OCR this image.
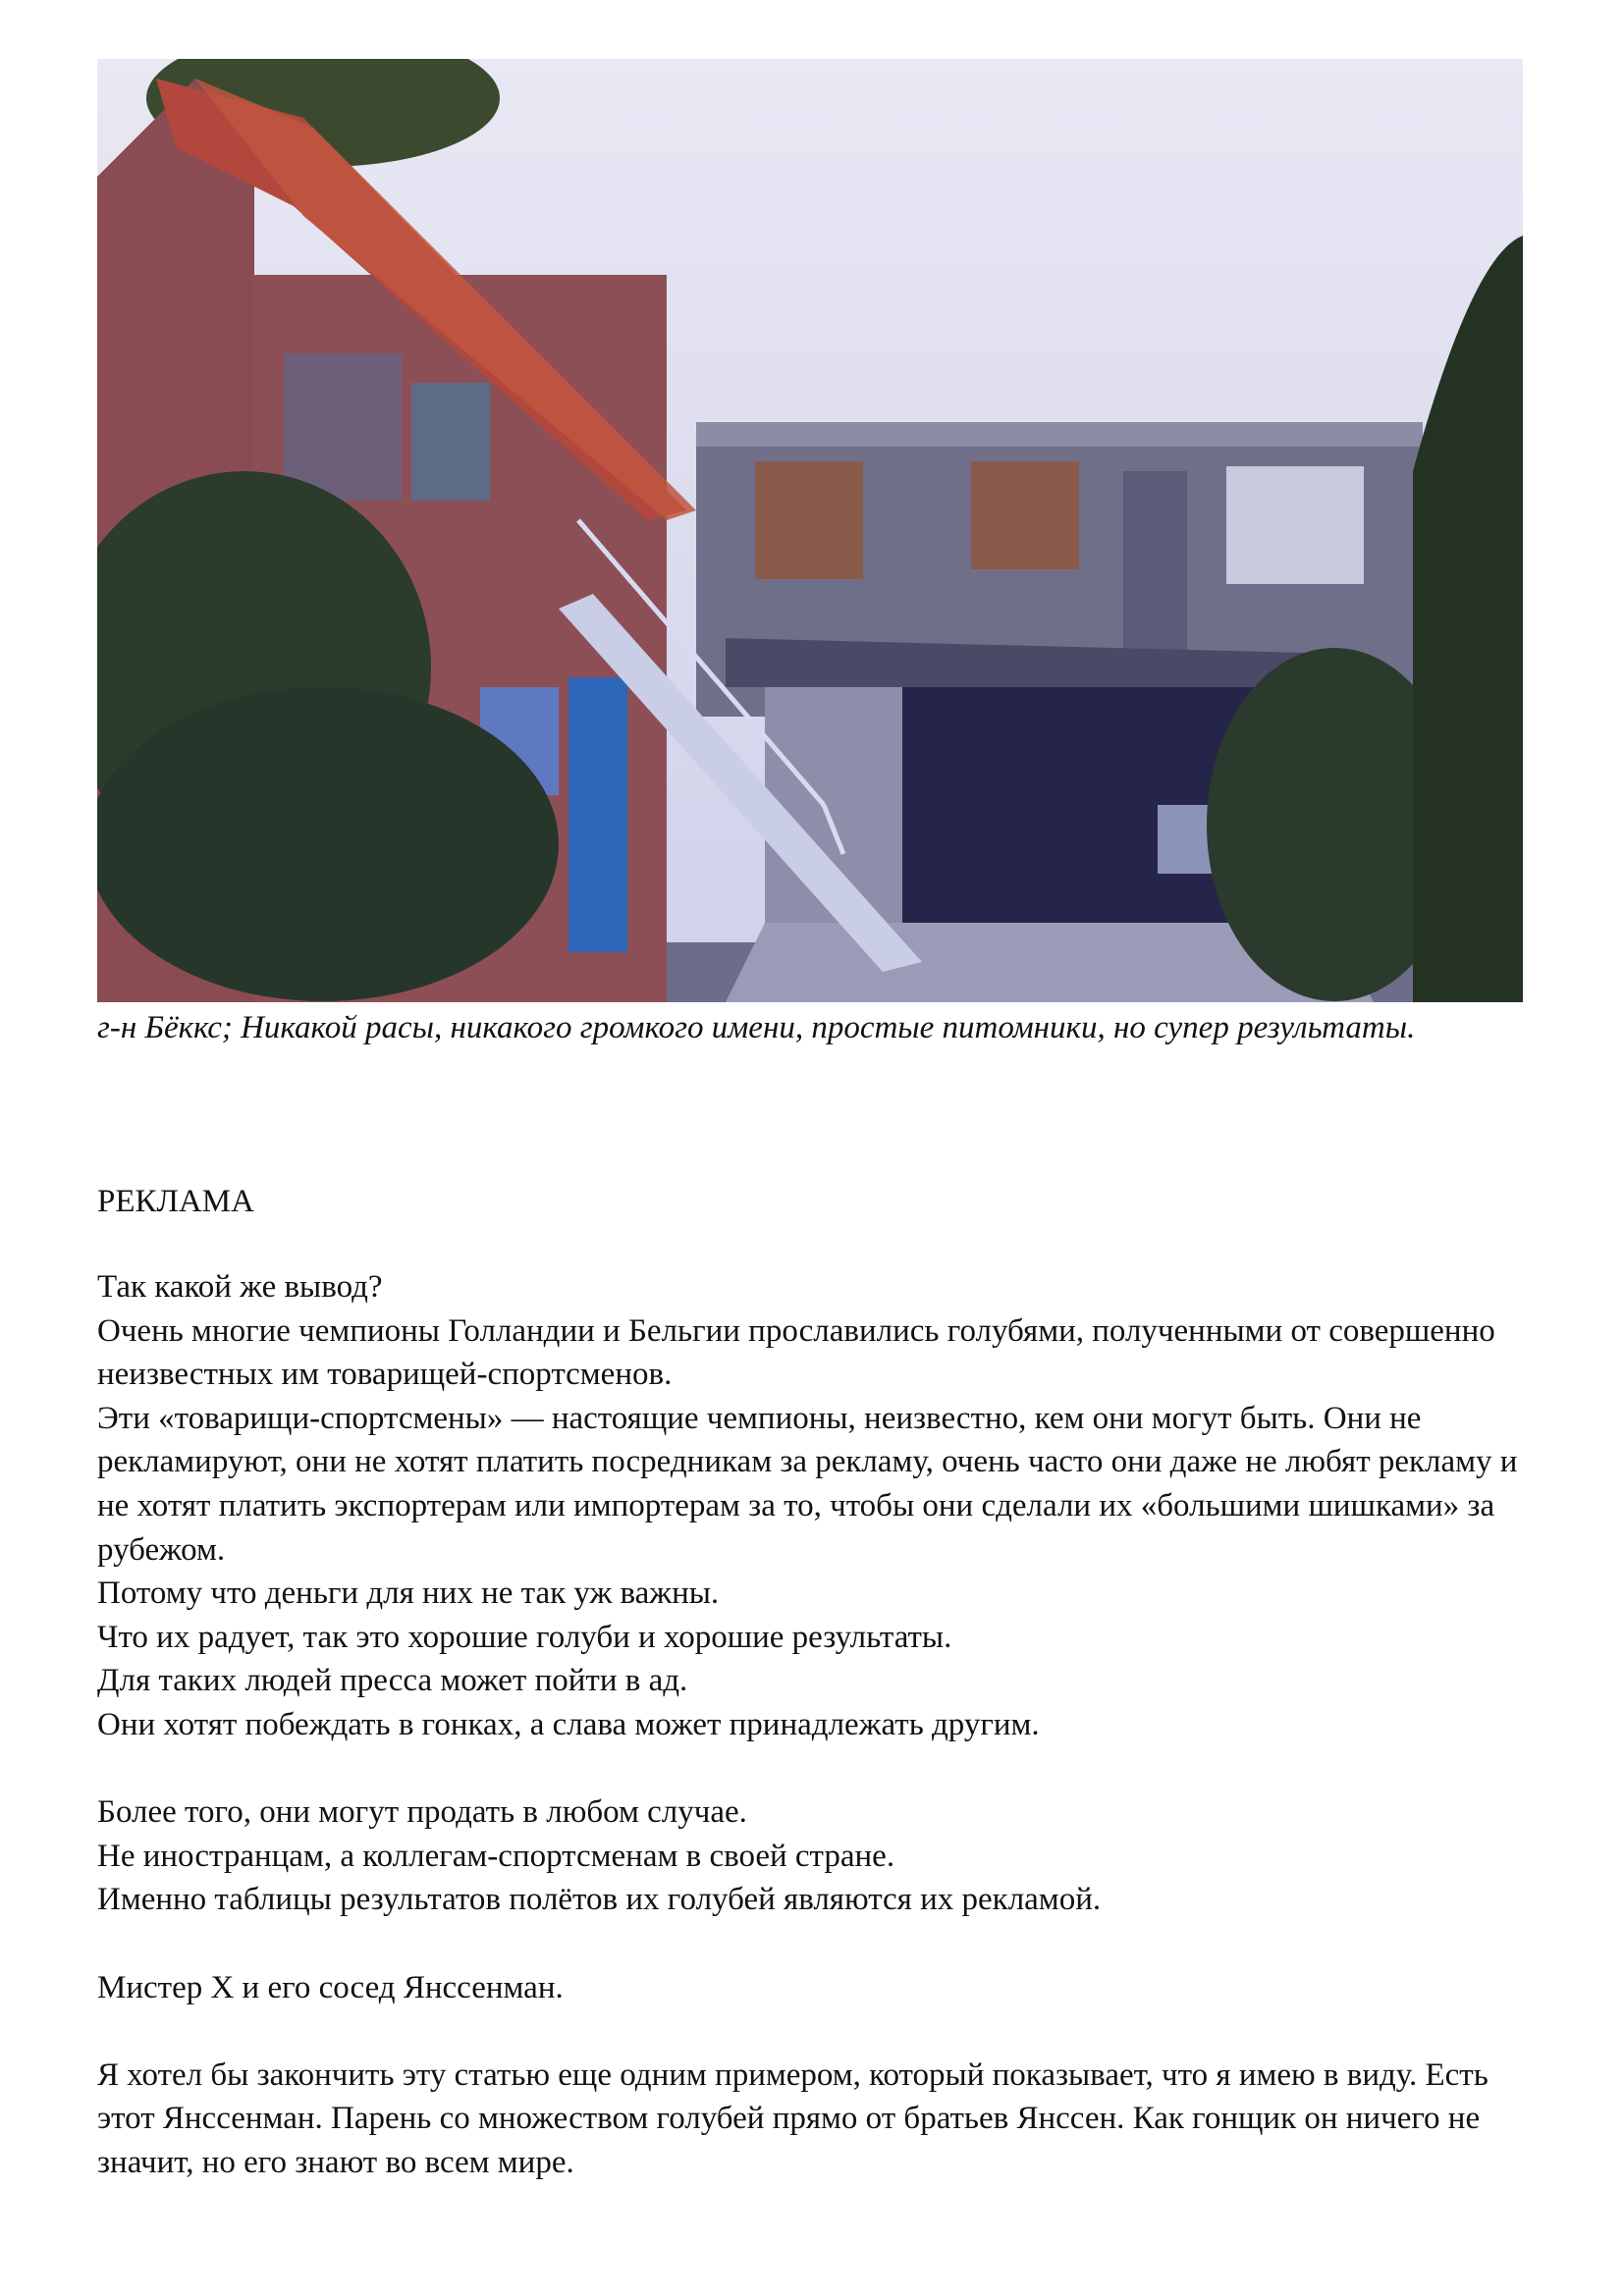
г-н Бёккс; Никакой расы, никакого громкого имени, простые питомники, но супер результаты.

РЕКЛАМА

Так какой же вывод?

Очень многие чемпионы Голландии и Бельгии прославились голубями, полученными от совершенно неизвестных им товарищей-спортсменов.

Эти «товарищи-спортсмены» — настоящие чемпионы, неизвестно, кем они могут быть. Они не рекламируют, они не хотят платить посредникам за рекламу, очень часто они даже не любят рекламу и не хотят платить экспортерам или импортерам за то, чтобы они сделали их «большими шишками» за рубежом.

Потому что деньги для них не так уж важны.

Что их радует, так это хорошие голуби и хорошие результаты.

Для таких людей пресса может пойти в ад.

Они хотят побеждать в гонках, а слава может принадлежать другим.

Более того, они могут продать в любом случае.

Не иностранцам, а коллегам-спортсменам в своей стране.

Именно таблицы результатов полётов их голубей являются их рекламой.

Мистер Х и его сосед Янссенман.

Я хотел бы закончить эту статью еще одним примером, который показывает, что я имею в виду. Есть этот Янссенман. Парень со множеством голубей прямо от братьев Янссен. Как гонщик он ничего не значит, но его знают во всем мире.
